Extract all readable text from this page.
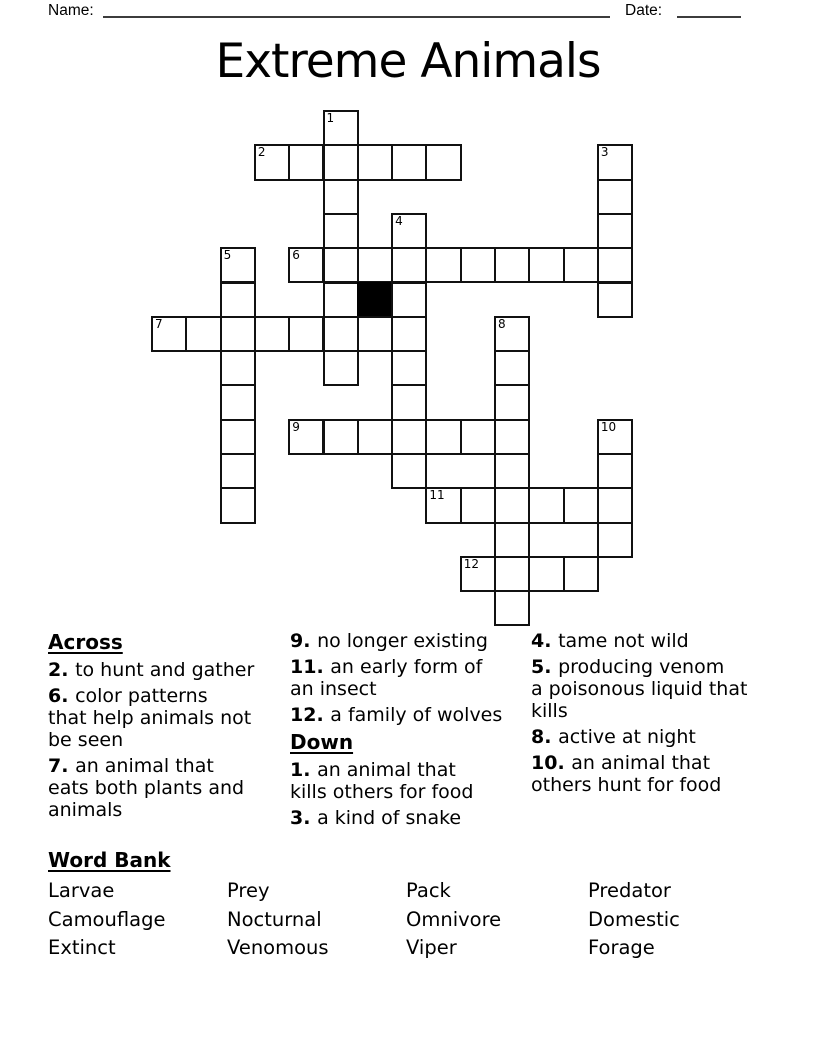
Name:	Date:
Extreme Animals
1
2	3
4
5	6
7	8
9	10
11
12
Across
2. to hunt and gather
6. color patterns
that help animals not
be seen
7. an animal that
eats both plants and
animals
9. no longer existing
11. an early form of
an insect
12. a family of wolves
Down
1. an animal that
kills others for food
3. a kind of snake
4. tame not wild
5. producing venom
a poisonous liquid that
kills
8. active at night
10. an animal that
others hunt for food
Word Bank
Larvae	Prey	Pack	Predator
Camouflage	Nocturnal	Omnivore	Domestic
Extinct	Venomous	Viper	Forage
